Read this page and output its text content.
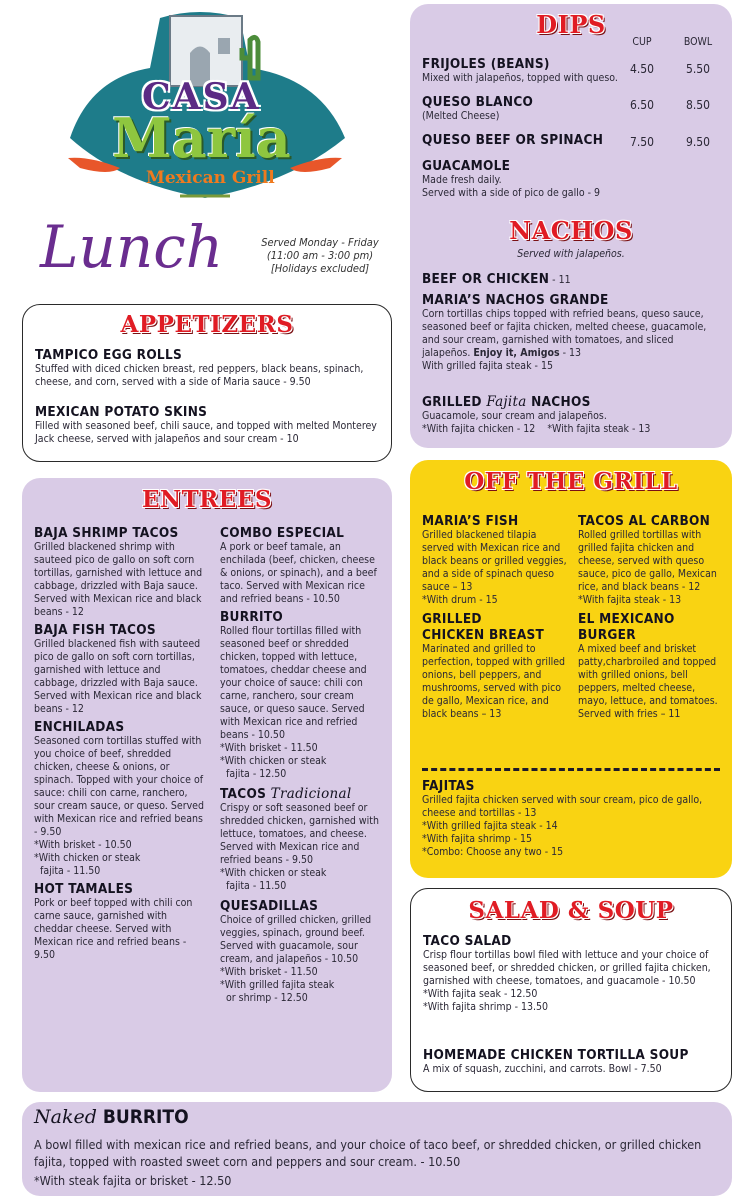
CASA
María
Mexican Grill
Lunch	Served Monday - Friday
(11:00 am - 3:00 pm)
[Holidays excluded]
DIPS
CUP	BOWL
FRIJOLES (BEANS)
Mixed with jalapeños, topped with queso.
4.50	5.50
QUESO BLANCO
(Melted Cheese)
6.50	8.50
QUESO BEEF OR SPINACH	7.50	9.50
GUACAMOLE
Made fresh daily.
Served with a side of pico de gallo - 9
NACHOS
Served with jalapeños.
BEEF OR CHICKEN - 11
MARIA’S NACHOS GRANDE
Corn tortillas chips topped with refried beans, queso sauce, seasoned beef or fajita chicken, melted cheese, guacamole, and sour cream, garnished with tomatoes, and sliced jalapeños. Enjoy it, Amigos - 13
With grilled fajita steak - 15
GRILLED Fajita NACHOS
Guacamole, sour cream and jalapeños.
*With fajita chicken - 12    *With fajita steak - 13
APPETIZERS
TAMPICO EGG ROLLS
Stuffed with diced chicken breast, red peppers, black beans, spinach, cheese, and corn, served with a side of Maria sauce - 9.50
MEXICAN POTATO SKINS
Filled with seasoned beef, chili sauce, and topped with melted Monterey Jack cheese, served with jalapeños and sour cream - 10
ENTREES
BAJA SHRIMP TACOS
Grilled blackened shrimp with sauteed pico de gallo on soft corn tortillas, garnished with lettuce and cabbage, drizzled with Baja sauce. Served with Mexican rice and black beans - 12
BAJA FISH TACOS
Grilled blackened fish with sauteed pico de gallo on soft corn tortillas, garnished with lettuce and cabbage, drizzled with Baja sauce. Served with Mexican rice and black beans - 12
ENCHILADAS
Seasoned corn tortillas stuffed with you choice of beef, shredded chicken, cheese & onions, or spinach. Topped with your choice of sauce: chili con carne, ranchero, sour cream sauce, or queso. Served with Mexican rice and refried beans - 9.50
*With brisket - 10.50
*With chicken or steak
fajita - 11.50
HOT TAMALES
Pork or beef topped with chili con carne sauce, garnished with cheddar cheese. Served with Mexican rice and refried beans - 9.50
COMBO ESPECIAL
A pork or beef tamale, an enchilada (beef, chicken, cheese & onions, or spinach), and a beef taco. Served with Mexican rice and refried beans - 10.50
BURRITO
Rolled flour tortillas filled with seasoned beef or shredded chicken, topped with lettuce, tomatoes, cheddar cheese and your choice of sauce: chili con carne, ranchero, sour cream sauce, or queso sauce. Served with Mexican rice and refried beans - 10.50
*With brisket - 11.50
*With chicken or steak
fajita - 12.50
TACOS Tradicional
Crispy or soft seasoned beef or shredded chicken, garnished with lettuce, tomatoes, and cheese. Served with Mexican rice and refried beans - 9.50
*With chicken or steak
fajita - 11.50
QUESADILLAS
Choice of grilled chicken, grilled veggies, spinach, ground beef. Served with guacamole, sour cream, and jalapeños - 10.50
*With brisket - 11.50
*With grilled fajita steak
or shrimp - 12.50
OFF THE GRILL
MARIA’S FISH
Grilled blackened tilapia served with Mexican rice and black beans or grilled veggies, and a side of spinach queso sauce – 13
*With drum - 15
GRILLED
CHICKEN BREAST
Marinated and grilled to perfection, topped with grilled onions, bell peppers, and mushrooms, served with pico de gallo, Mexican rice, and black beans – 13
TACOS AL CARBON
Rolled grilled tortillas with grilled fajita chicken and cheese, served with queso sauce, pico de gallo, Mexican rice, and black beans - 12
*With fajita steak - 13
EL MEXICANO
BURGER
A mixed beef and brisket patty,charbroiled and topped with grilled onions, bell peppers, melted cheese, mayo, lettuce, and tomatoes. Served with fries – 11
FAJITAS
Grilled fajita chicken served with sour cream, pico de gallo, cheese and tortillas - 13
*With grilled fajita steak - 14
*With fajita shrimp - 15
*Combo: Choose any two - 15
SALAD & SOUP
TACO SALAD
Crisp flour tortillas bowl filed with lettuce and your choice of seasoned beef, or shredded chicken, or grilled fajita chicken, garnished with cheese, tomatoes, and guacamole - 10.50
*With fajita seak - 12.50
*With fajita shrimp - 13.50
HOMEMADE CHICKEN TORTILLA SOUP
A mix of squash, zucchini, and carrots. Bowl - 7.50
Naked BURRITO
A bowl filled with mexican rice and refried beans, and your choice of taco beef, or shredded chicken, or grilled chicken fajita, topped with roasted sweet corn and peppers and sour cream. - 10.50
*With steak fajita or brisket - 12.50
